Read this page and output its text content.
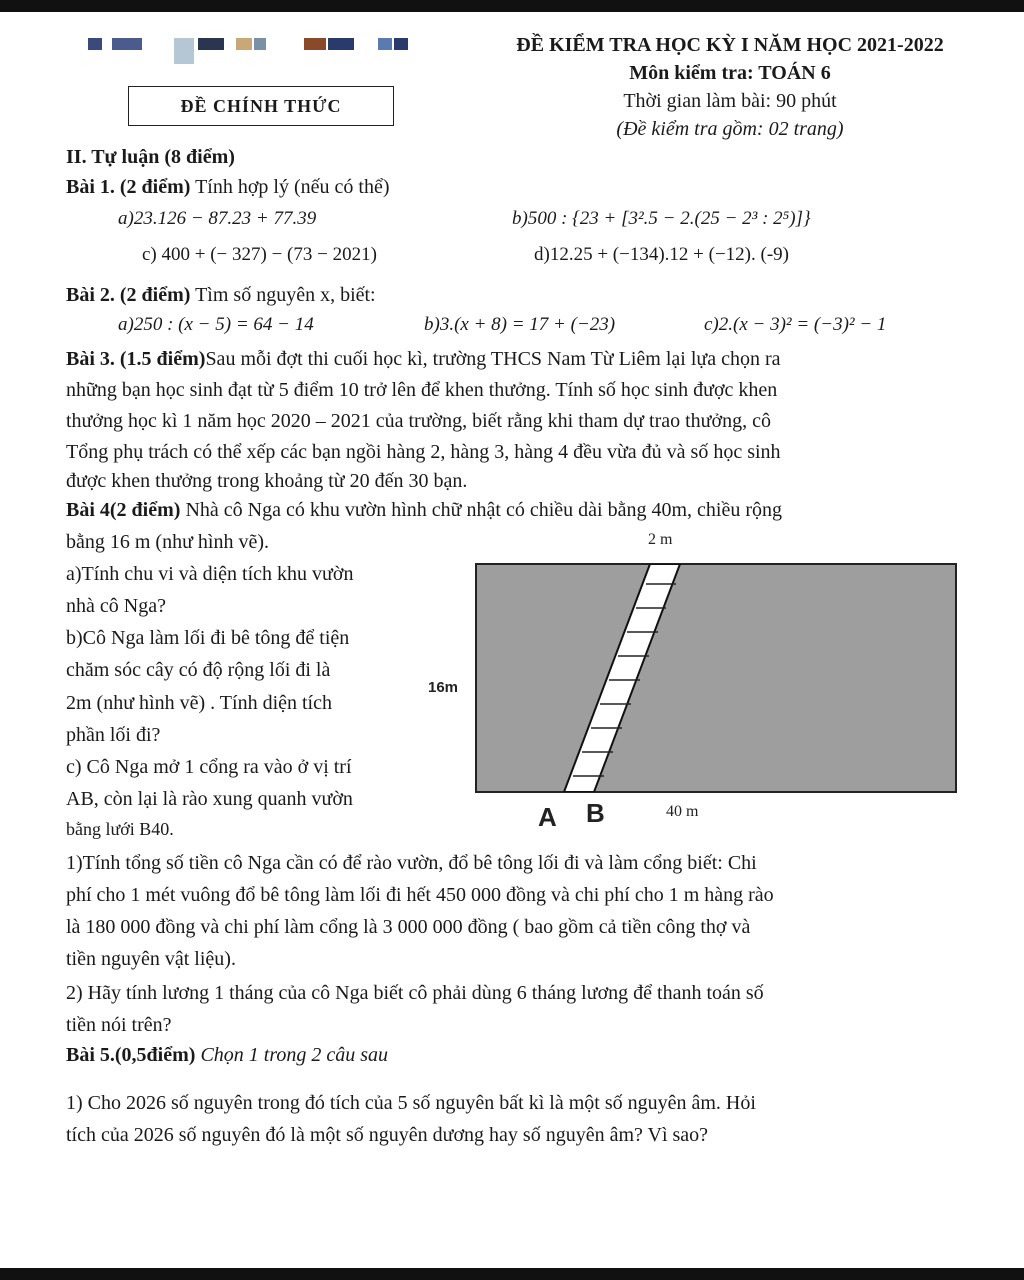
ĐỀ KIỂM TRA HỌC KỲ I NĂM HỌC 2021-2022
Môn kiểm tra: TOÁN 6
Thời gian làm bài: 90 phút
(Đề kiểm tra gồm: 02 trang)
ĐỀ CHÍNH THỨC
II. Tự luận (8 điểm)
Bài 1. (2 điểm) Tính hợp lý (nếu có thể)
a)23.126 − 87.23 + 77.39	b)500 : {23 + [3².5 − 2.(25 − 2³ : 2⁵)]}
c) 400 + (− 327) − (73 − 2021)	d)12.25 + (−134).12 + (−12). (-9)
Bài 2. (2 điểm) Tìm số nguyên x, biết:
a)250 : (x − 5) = 64 − 14	b)3.(x + 8) = 17 + (−23)	c)2.(x − 3)² = (−3)² − 1
Bài 3. (1.5 điểm)Sau mỗi đợt thi cuối học kì, trường THCS Nam Từ Liêm lại lựa chọn ra
những bạn học sinh đạt từ 5 điểm 10 trở lên để khen thưởng. Tính số học sinh được khen
thưởng học kì 1 năm học 2020 – 2021 của trường, biết rằng khi tham dự trao thưởng, cô
Tổng phụ trách có thể xếp các bạn ngồi hàng 2, hàng 3, hàng 4 đều vừa đủ và số học sinh
được khen thưởng trong khoảng từ 20 đến 30 bạn.
Bài 4(2 điểm) Nhà cô Nga có khu vườn hình chữ nhật có chiều dài bằng 40m, chiều rộng
bằng 16 m (như hình vẽ).
a)Tính chu vi và diện tích khu vườn
nhà cô Nga?
b)Cô Nga làm lối đi bê tông để tiện
chăm sóc cây có độ rộng lối đi là
2m (như hình vẽ) . Tính diện tích
phần lối đi?
c) Cô Nga mở 1 cổng ra vào ở vị trí
AB, còn lại là rào xung quanh vườn
bằng lưới B40.
2 m
16m
40 m
A B
1)Tính tổng số tiền cô Nga cần có để rào vườn, đổ bê tông lối đi và làm cổng biết: Chi
phí cho 1 mét vuông đổ bê tông làm lối đi hết 450 000 đồng và chi phí cho 1 m hàng rào
là 180 000 đồng và chi phí làm cổng là 3 000 000 đồng ( bao gồm cả tiền công thợ và
tiền nguyên vật liệu).
2) Hãy tính lương 1 tháng của cô Nga biết cô phải dùng 6 tháng lương để thanh toán số
tiền nói trên?
Bài 5.(0,5điểm) Chọn 1 trong 2 câu sau
1) Cho 2026 số nguyên trong đó tích của 5 số nguyên bất kì là một số nguyên âm. Hỏi
tích của 2026 số nguyên đó là một số nguyên dương hay số nguyên âm? Vì sao?
